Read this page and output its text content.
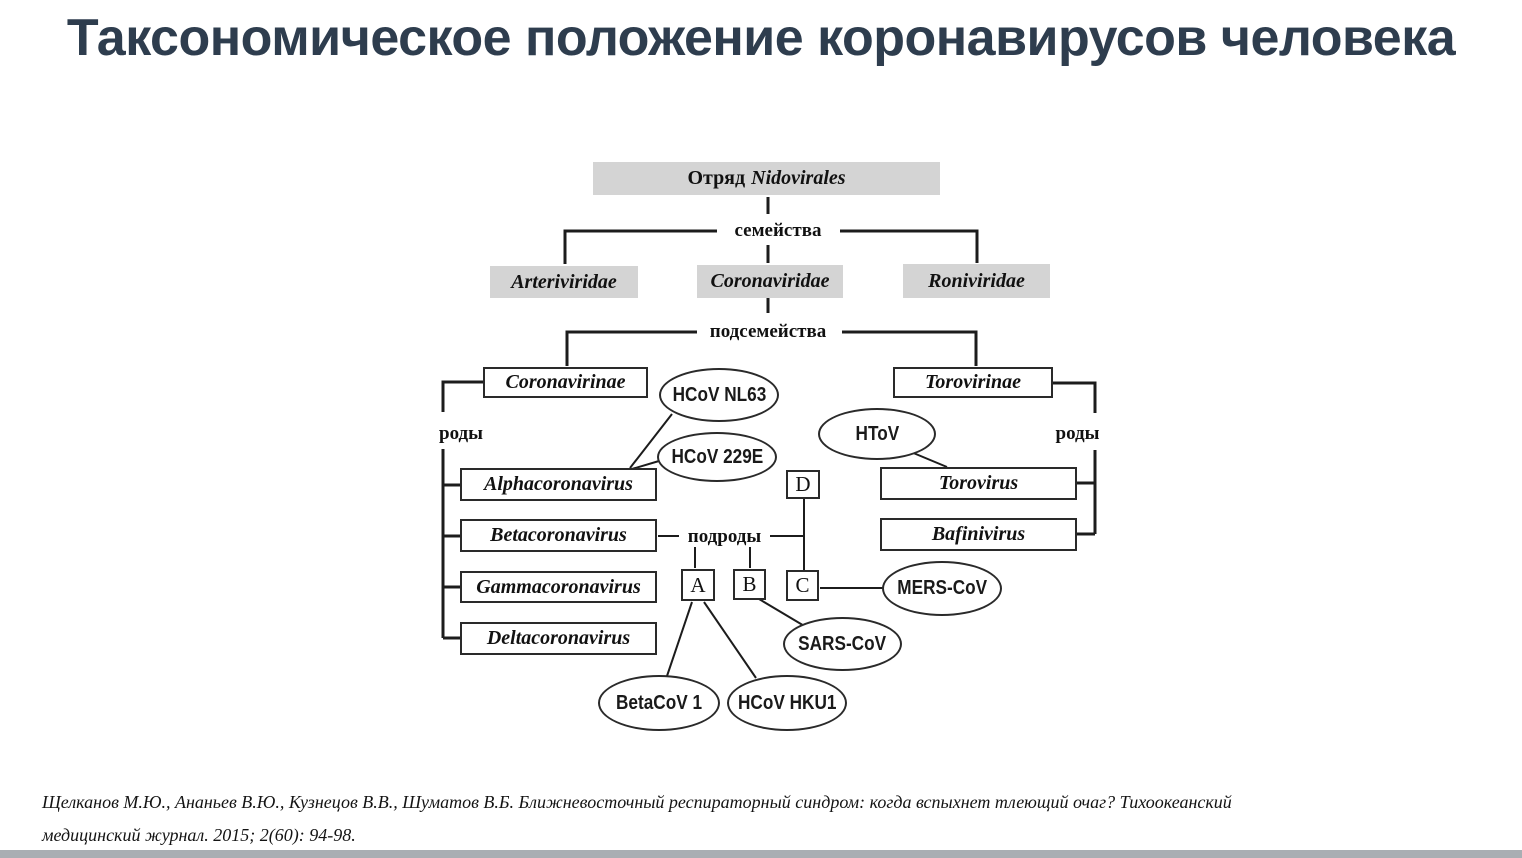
Таксономическое положение коронавирусов человека
Отряд Nidovirales
семейства
подсемейства
роды	роды
подроды
Arteriviridae	Coronaviridae	Roniviridae
Coronavirinae	Torovirinae
Alphacoronavirus
Betacoronavirus
Gammacoronavirus
Deltacoronavirus
Torovirus
Bafinivirus
A	B	C
D
HCoV NL63
HCoV 229E
HToV
MERS-CoV
SARS-CoV
BetaCoV 1 HCoV HKU1
Щелканов М.Ю., Ананьев В.Ю., Кузнецов В.В., Шуматов В.Б. Ближневосточный респираторный синдром: когда вспыхнет тлеющий очаг? Тихоокеанский
медицинский журнал. 2015; 2(60): 94-98.
